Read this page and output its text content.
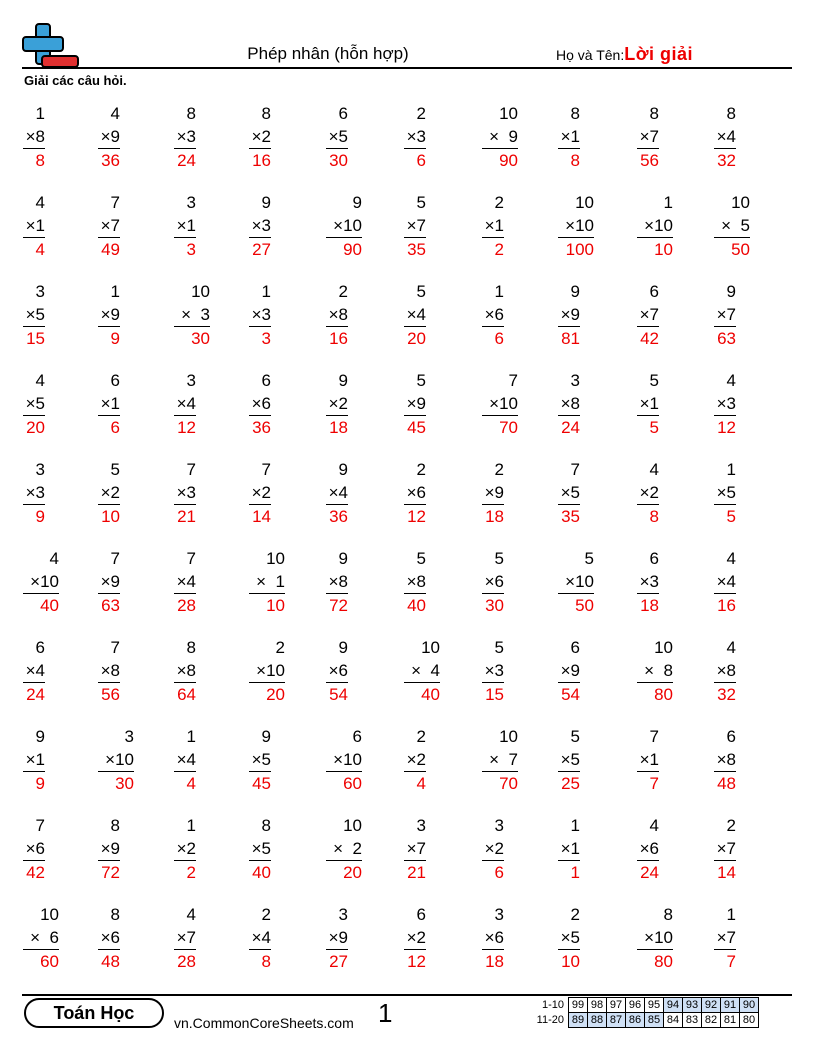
Phép nhân (hỗn hợp)	Họ và Tên:Lời giải
Giải các câu hỏi.
1
×8
8
4
×9
36
8
×3
24
8
×2
16
6
×5
30
2
×3
6
10
×  9
90
8
×1
8
8
×7
56
8
×4
32
4
×1
4
7
×7
49
3
×1
3
9
×3
27
9
×10
90
5
×7
35
2
×1
2
10
×10
100
1
×10
10
10
×  5
50
3
×5
15
1
×9
9
10
×  3
30
1
×3
3
2
×8
16
5
×4
20
1
×6
6
9
×9
81
6
×7
42
9
×7
63
4
×5
20
6
×1
6
3
×4
12
6
×6
36
9
×2
18
5
×9
45
7
×10
70
3
×8
24
5
×1
5
4
×3
12
3
×3
9
5
×2
10
7
×3
21
7
×2
14
9
×4
36
2
×6
12
2
×9
18
7
×5
35
4
×2
8
1
×5
5
4
×10
40
7
×9
63
7
×4
28
10
×  1
10
9
×8
72
5
×8
40
5
×6
30
5
×10
50
6
×3
18
4
×4
16
6
×4
24
7
×8
56
8
×8
64
2
×10
20
9
×6
54
10
×  4
40
5
×3
15
6
×9
54
10
×  8
80
4
×8
32
9
×1
9
3
×10
30
1
×4
4
9
×5
45
6
×10
60
2
×2
4
10
×  7
70
5
×5
25
7
×1
7
6
×8
48
7
×6
42
8
×9
72
1
×2
2
8
×5
40
10
×  2
20
3
×7
21
3
×2
6
1
×1
1
4
×6
24
2
×7
14
10
×  6
60
8
×6
48
4
×7
28
2
×4
8
3
×9
27
6
×2
12
3
×6
18
2
×5
10
8
×10
80
1
×7
7
Toán Học	vn.CommonCoreSheets.com 1	1-10	99	98	97	96	95	94	93	92	91	90
11-20	89	88	87	86	85	84	83	82	81	80
